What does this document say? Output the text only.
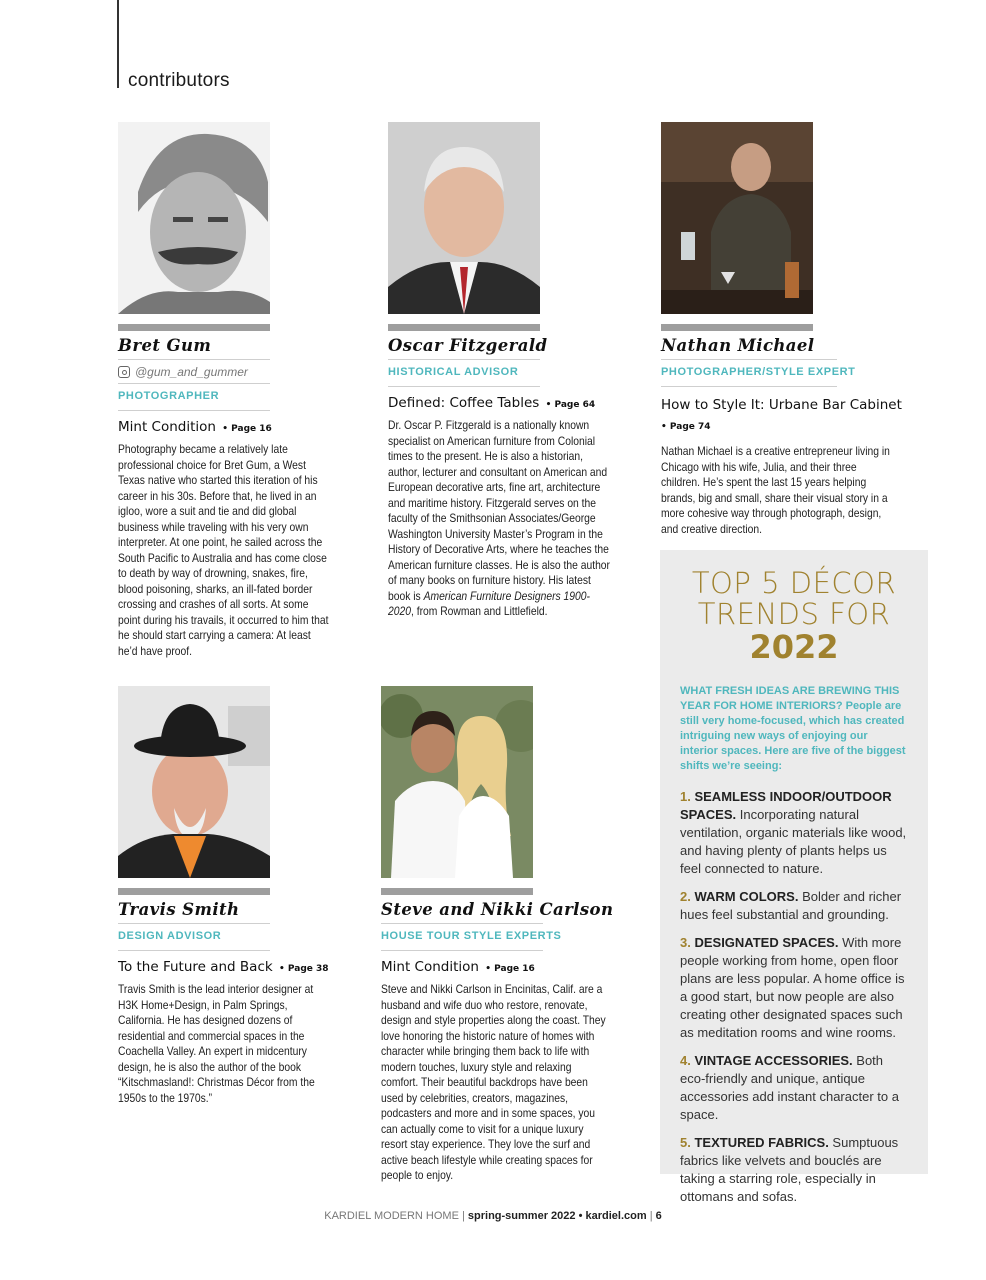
contributors
Bret Gum
@gum_and_gummer
PHOTOGRAPHER
Mint Condition • Page 16
Photography became a relatively late professional choice for Bret Gum, a West Texas native who started this iteration of his career in his 30s. Before that, he lived in an igloo, wore a suit and tie and did global business while traveling with his very own interpreter. At one point, he sailed across the South Pacific to Australia and has come close to death by way of drowning, snakes, fire, blood poisoning, sharks, an ill-fated border crossing and crashes of all sorts. At some point during his travails, it occurred to him that he should start carrying a camera: At least he’d have proof.
Oscar Fitzgerald
HISTORICAL ADVISOR
Defined: Coffee Tables • Page 64
Dr. Oscar P. Fitzgerald is a nationally known specialist on American furniture from Colonial times to the present. He is also a historian, author, lecturer and consultant on American and European decorative arts, fine art, architecture and maritime history. Fitzgerald serves on the faculty of the Smithsonian Associates/George Washington University Master’s Program in the History of Decorative Arts, where he teaches the American furniture classes. He is also the author of many books on furniture history. His latest book is American Furniture Designers 1900-2020, from Rowman and Littlefield.
Nathan Michael
PHOTOGRAPHER/STYLE EXPERT
How to Style It: Urbane Bar Cabinet
• Page 74
Nathan Michael is a creative entrepreneur living in Chicago with his wife, Julia, and their three children. He’s spent the last 15 years helping brands, big and small, share their visual story in a more cohesive way through photograph, design, and creative direction.
Travis Smith
DESIGN ADVISOR
To the Future and Back • Page 38
Travis Smith is the lead interior designer at H3K Home+Design, in Palm Springs, California. He has designed dozens of residential and commercial spaces in the Coachella Valley. An expert in midcentury design, he is also the author of the book “Kitschmasland!: Christmas Décor from the 1950s to the 1970s.”
Steve and Nikki Carlson
HOUSE TOUR STYLE EXPERTS
Mint Condition • Page 16
Steve and Nikki Carlson in Encinitas, Calif. are a husband and wife duo who restore, renovate, design and style properties along the coast. They love honoring the historic nature of homes with character while bringing them back to life with modern touches, luxury style and relaxing comfort. Their beautiful backdrops have been used by celebrities, creators, magazines, podcasters and more and in some spaces, you can actually come to visit for a unique luxury resort stay experience. They love the surf and active beach lifestyle while creating spaces for people to enjoy.
TOP 5 DÉCOR
TRENDS FOR
2022
WHAT FRESH IDEAS ARE BREWING THIS YEAR FOR HOME INTERIORS? People are still very home-focused, which has created intriguing new ways of enjoying our interior spaces. Here are five of the biggest shifts we’re seeing:
1. SEAMLESS INDOOR/OUTDOOR SPACES. Incorporating natural ventilation, organic materials like wood, and having plenty of plants helps us feel connected to nature.
2. WARM COLORS. Bolder and richer hues feel substantial and grounding.
3. DESIGNATED SPACES. With more people working from home, open floor plans are less popular. A home office is a good start, but now people are also creating other designated spaces such as meditation rooms and wine rooms.
4. VINTAGE ACCESSORIES. Both eco-friendly and unique, antique accessories add instant character to a space.
5. TEXTURED FABRICS. Sumptuous fabrics like velvets and bouclés are taking a starring role, especially in ottomans and sofas.
KARDIEL MODERN HOME | spring-summer 2022 • kardiel.com | 6
